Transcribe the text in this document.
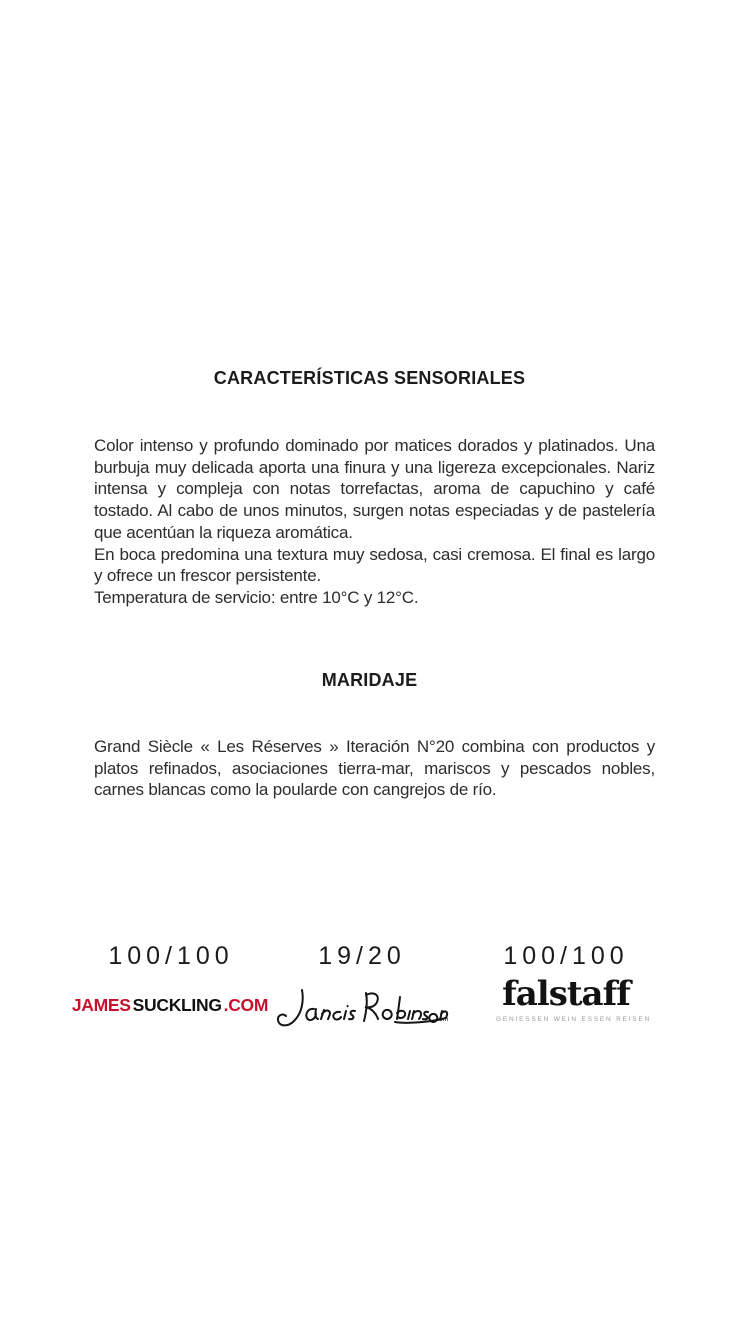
CARACTERÍSTICAS SENSORIALES

Color intenso y profundo dominado por matices dorados y platinados. Una burbuja muy delicada aporta una finura y una ligereza excepcionales. Nariz intensa y compleja con notas torrefactas, aroma de capuchino y café tostado. Al cabo de unos minutos, surgen notas especiadas y de pastelería que acentúan la riqueza aromática.

En boca predomina una textura muy sedosa, casi cremosa. El final es largo y ofrece un frescor persistente.

Temperatura de servicio: entre 10°C y 12°C.

MARIDAJE

Grand Siècle « Les Réserves » Iteración N°20 combina con productos y platos refinados, asociaciones tierra-mar, mariscos y pescados nobles, carnes blancas como la poularde con cangrejos de río.

100/100
JAMES SUCKLING .COM
19/20
.com
100/100
falstaff
GENIESSEN WEIN ESSEN REISEN
